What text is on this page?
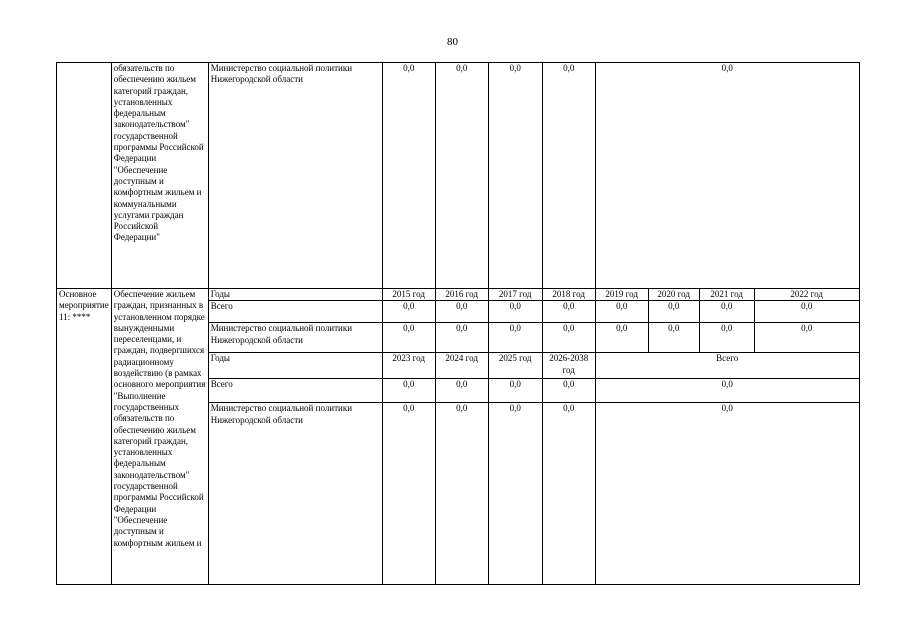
80
	обязательств по обеспечению жильем категорий граждан, установленных федеральным законодательством" государственной программы Российской Федерации "Обеспечение доступным и комфортным жильем и коммунальными услугами граждан Российской Федерации"	Министерство социальной политики Нижегородской области	0,0	0,0	0,0	0,0	0,0			
Основное мероприятие 11: ****	Обеспечение жильем граждан, признанных в установленном порядке вынужденными переселенцами, и граждан, подвергшихся радиационному воздействию (в рамках основного мероприятия "Выполнение государственных обязательств по обеспечению жильем категорий граждан, установленных федеральным законодательством" государственной программы Российской Федерации "Обеспечение доступным и комфортным жильем и	Годы	2015 год	2016 год	2017 год	2018 год	2019 год	2020 год	2021 год	2022 год
		Всего	0,0	0,0	0,0	0,0	0,0	0,0	0,0	0,0
		Министерство социальной политики Нижегородской области	0,0	0,0	0,0	0,0	0,0	0,0	0,0	0,0
		Годы	2023 год	2024 год	2025 год	2026-2038 год	Всего			
		Всего	0,0	0,0	0,0	0,0	0,0			
		Министерство социальной политики Нижегородской области	0,0	0,0	0,0	0,0	0,0			
